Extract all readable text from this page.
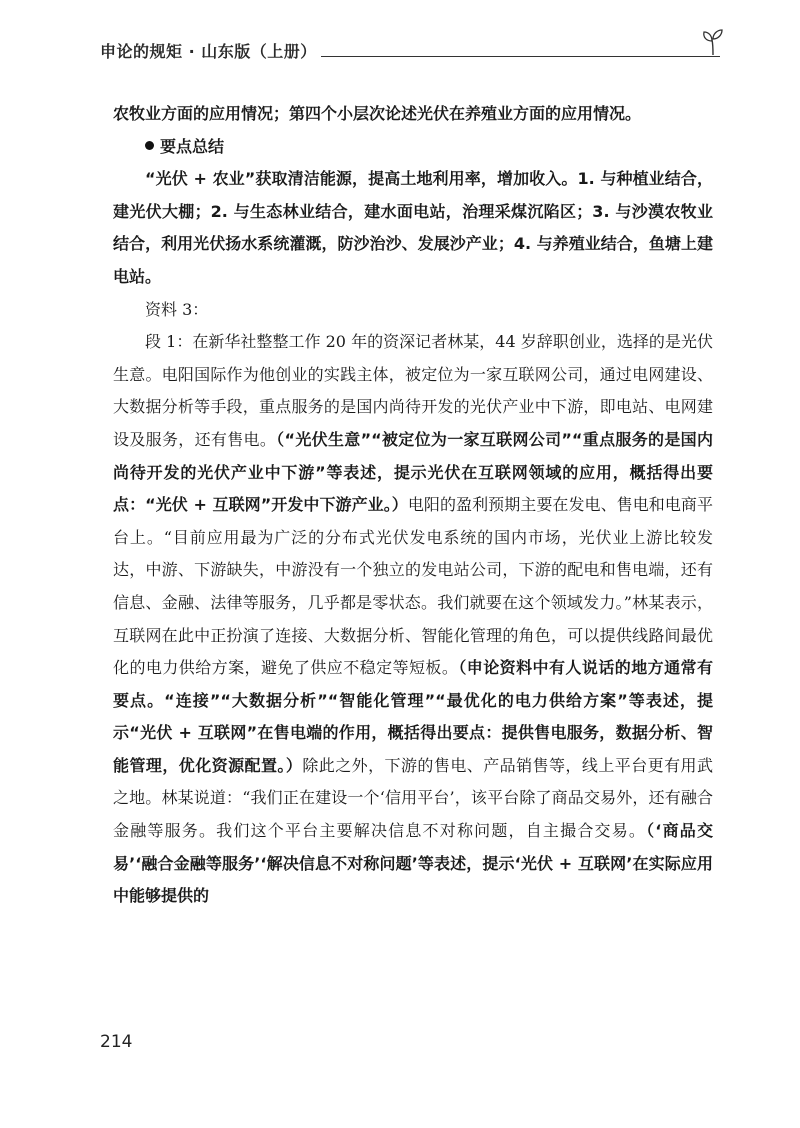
申论的规矩 · 山东版（上册）

农牧业方面的应用情况；第四个小层次论述光伏在养殖业方面的应用情况。

要点总结

“光伏 + 农业”获取清洁能源，提高土地利用率，增加收入。1. 与种植业结合，建光伏大棚；2. 与生态林业结合，建水面电站，治理采煤沉陷区；3. 与沙漠农牧业结合，利用光伏扬水系统灌溉，防沙治沙、发展沙产业；4. 与养殖业结合，鱼塘上建电站。

资料 3：

段 1：在新华社整整工作 20 年的资深记者林某，44 岁辞职创业，选择的是光伏生意。电阳国际作为他创业的实践主体，被定位为一家互联网公司，通过电网建设、大数据分析等手段，重点服务的是国内尚待开发的光伏产业中下游，即电站、电网建设及服务，还有售电。（“光伏生意”“被定位为一家互联网公司”“重点服务的是国内尚待开发的光伏产业中下游”等表述，提示光伏在互联网领域的应用，概括得出要点：“光伏 + 互联网”开发中下游产业。）电阳的盈利预期主要在发电、售电和电商平台上。“目前应用最为广泛的分布式光伏发电系统的国内市场，光伏业上游比较发达，中游、下游缺失，中游没有一个独立的发电站公司，下游的配电和售电端，还有信息、金融、法律等服务，几乎都是零状态。我们就要在这个领域发力。”林某表示，互联网在此中正扮演了连接、大数据分析、智能化管理的角色，可以提供线路间最优化的电力供给方案，避免了供应不稳定等短板。（申论资料中有人说话的地方通常有要点。“连接”“大数据分析”“智能化管理”“最优化的电力供给方案”等表述，提示“光伏 + 互联网”在售电端的作用，概括得出要点：提供售电服务，数据分析、智能管理，优化资源配置。）除此之外，下游的售电、产品销售等，线上平台更有用武之地。林某说道：“我们正在建设一个‘信用平台’，该平台除了商品交易外，还有融合金融等服务。我们这个平台主要解决信息不对称问题，自主撮合交易。（‘商品交易’‘融合金融等服务’‘解决信息不对称问题’等表述，提示‘光伏 + 互联网’在实际应用中能够提供的

214
